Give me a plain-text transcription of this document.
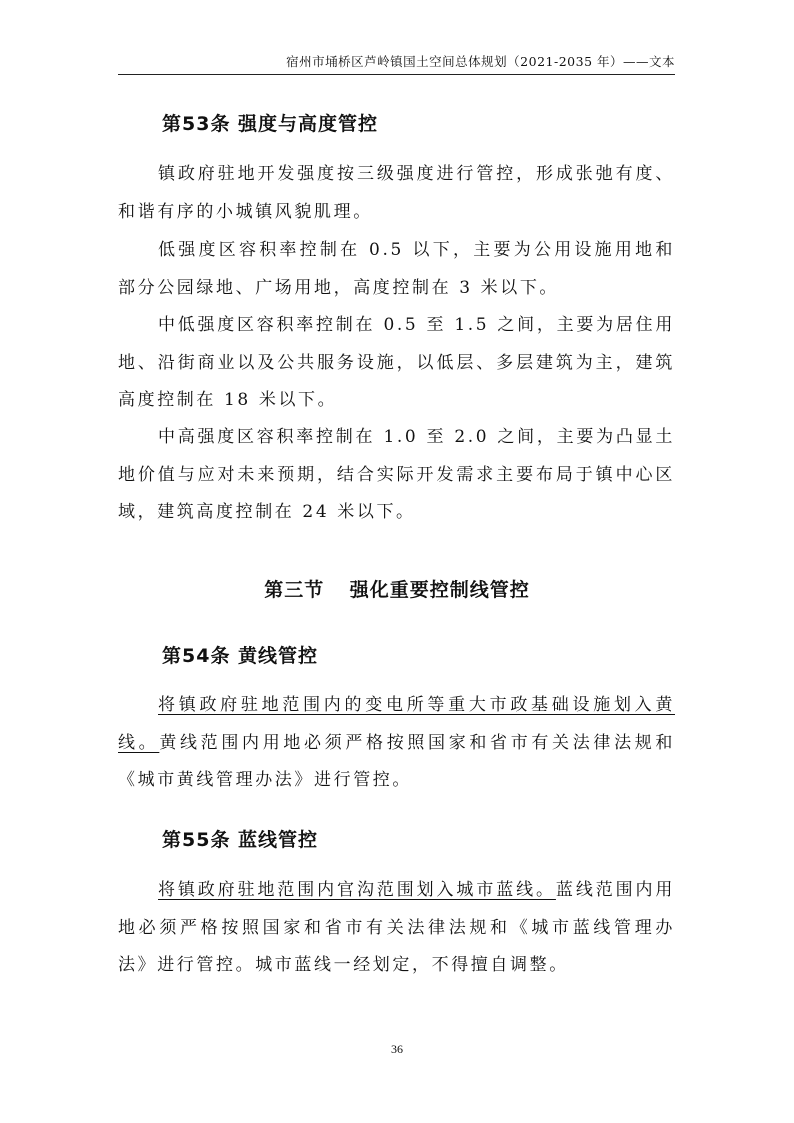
宿州市埇桥区芦岭镇国土空间总体规划（2021-2035 年）——文本
第53条 强度与高度管控

镇政府驻地开发强度按三级强度进行管控，形成张弛有度、和谐有序的小城镇风貌肌理。

低强度区容积率控制在 0.5 以下，主要为公用设施用地和部分公园绿地、广场用地，高度控制在 3 米以下。

中低强度区容积率控制在 0.5 至 1.5 之间，主要为居住用地、沿街商业以及公共服务设施，以低层、多层建筑为主，建筑高度控制在 18 米以下。

中高强度区容积率控制在 1.0 至 2.0 之间，主要为凸显土地价值与应对未来预期，结合实际开发需求主要布局于镇中心区域，建筑高度控制在 24 米以下。

第三节 强化重要控制线管控
第54条 黄线管控

将镇政府驻地范围内的变电所等重大市政基础设施划入黄线。黄线范围内用地必须严格按照国家和省市有关法律法规和《城市黄线管理办法》进行管控。

第55条 蓝线管控

将镇政府驻地范围内官沟范围划入城市蓝线。蓝线范围内用地必须严格按照国家和省市有关法律法规和《城市蓝线管理办法》进行管控。城市蓝线一经划定，不得擅自调整。

36
